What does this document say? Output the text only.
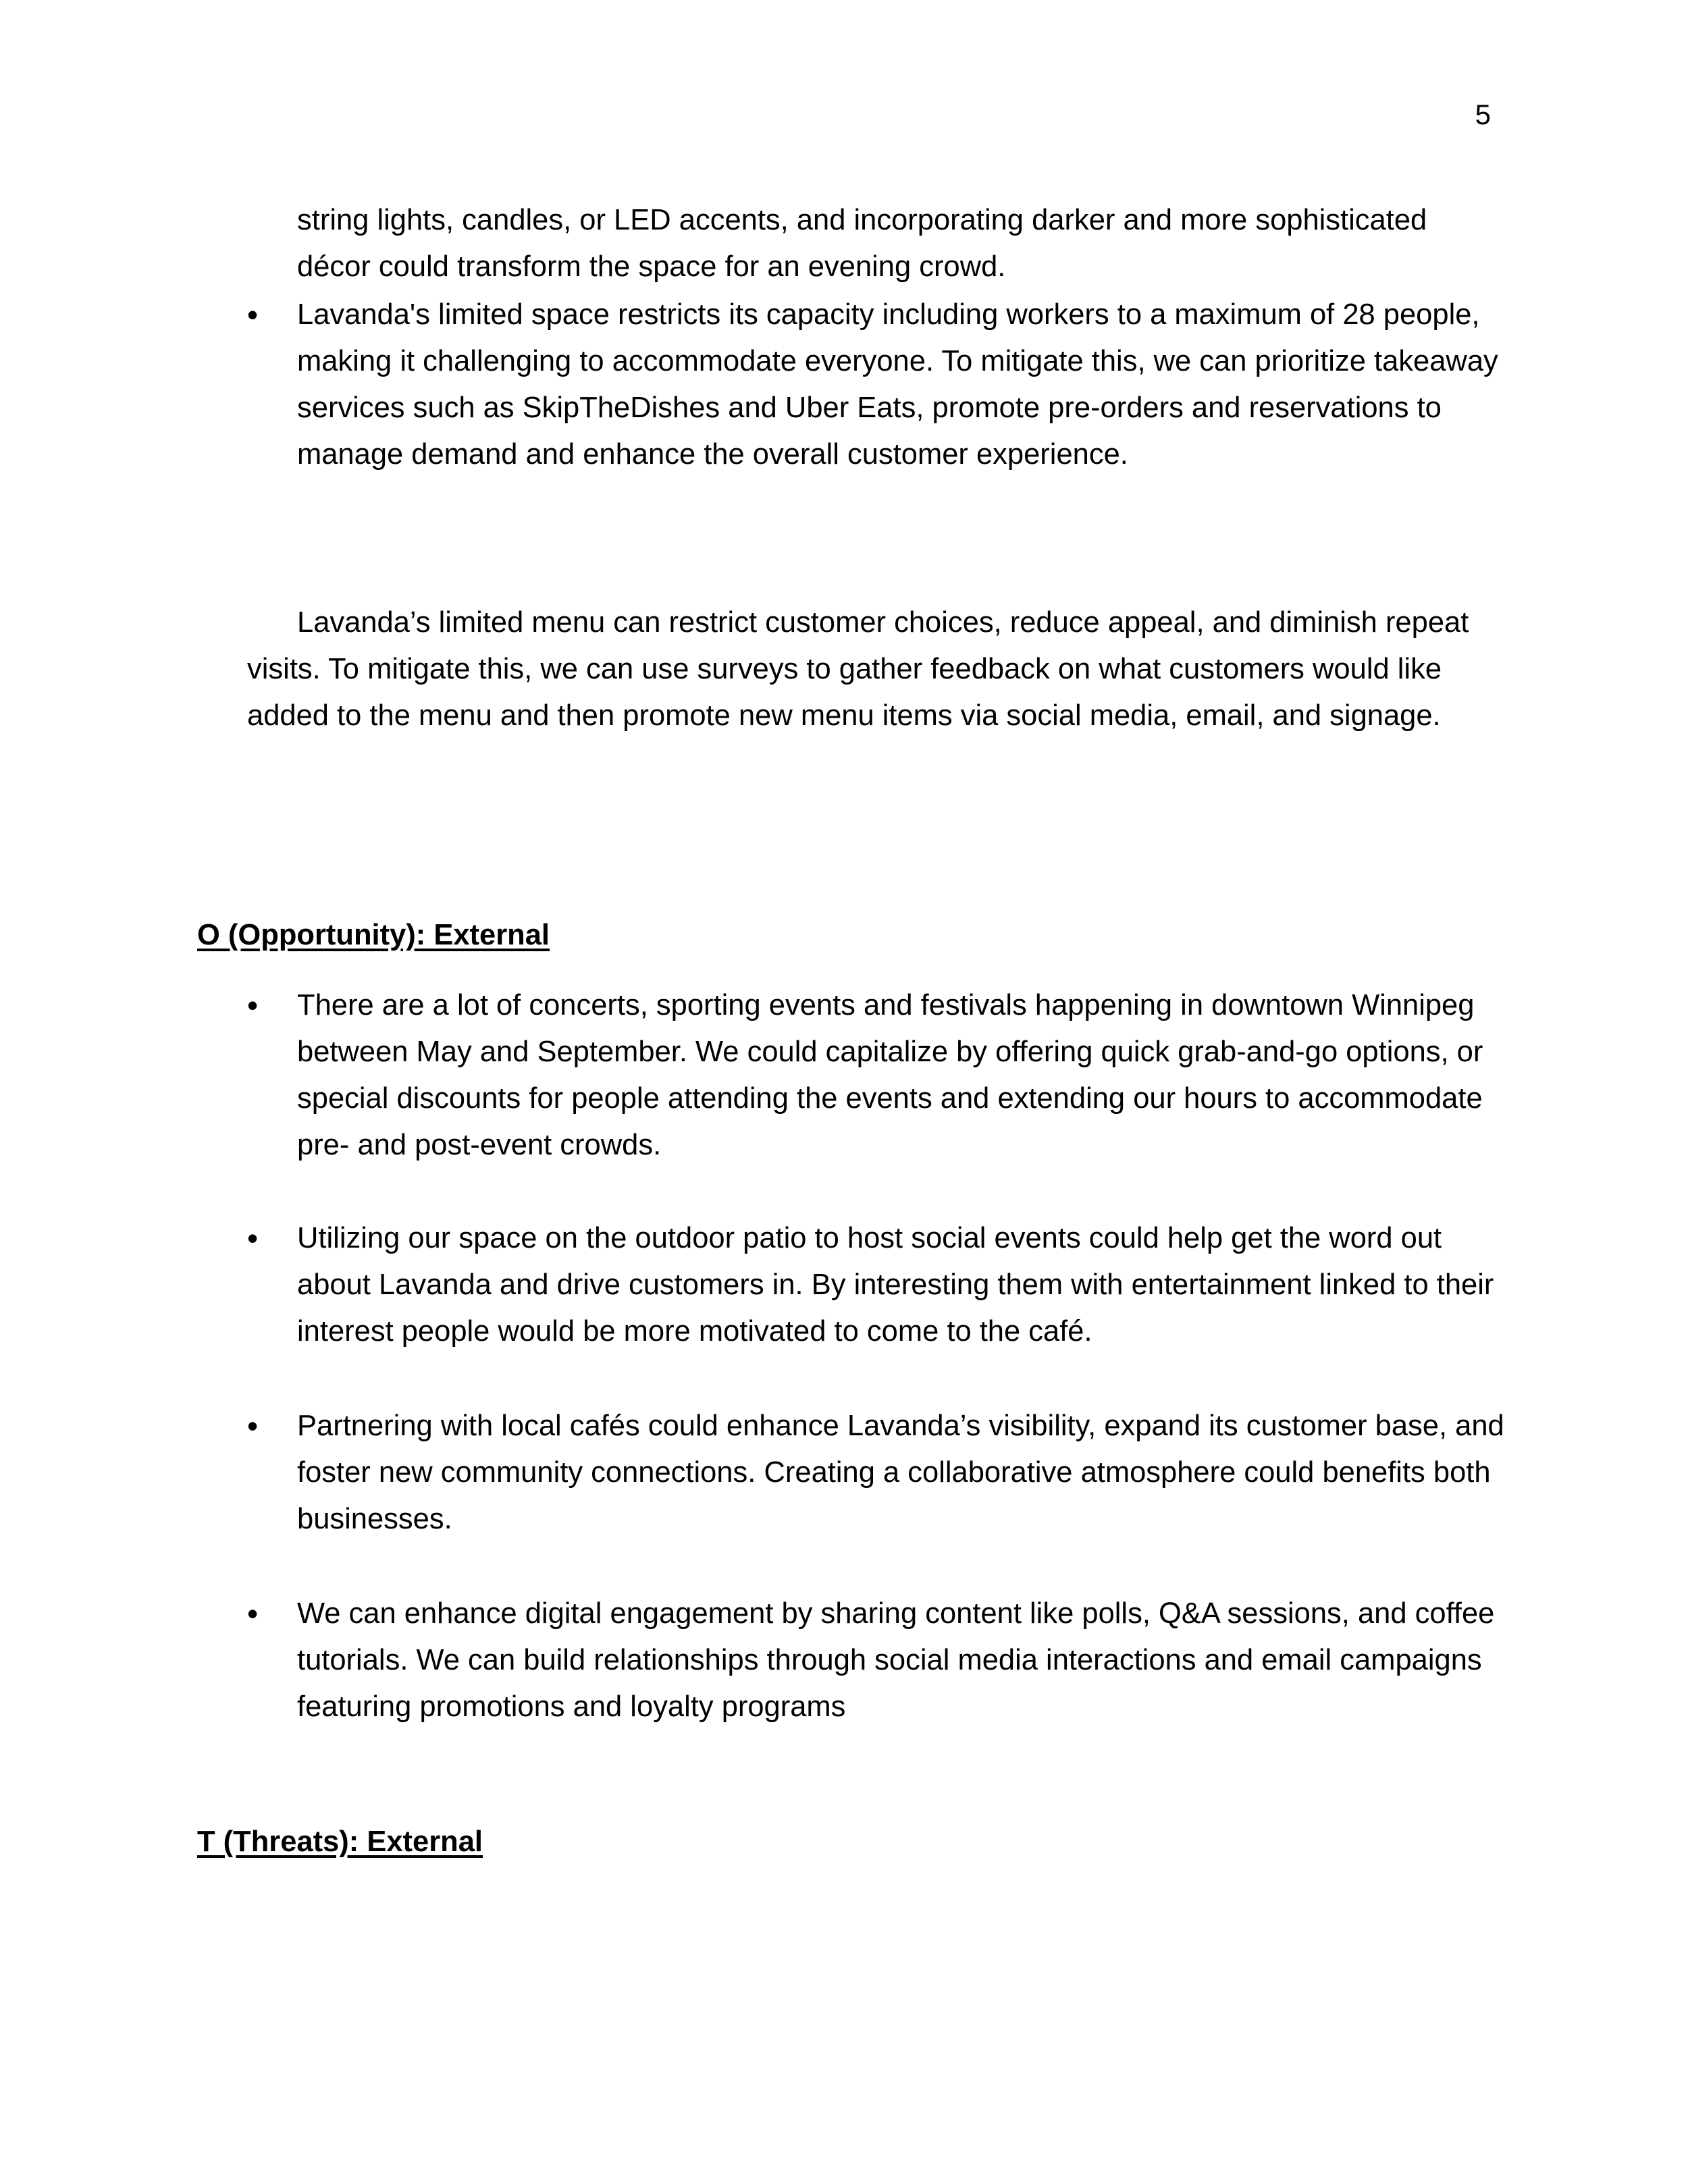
5
string lights, candles, or LED accents, and incorporating darker and more sophisticated décor could transform the space for an evening crowd.
•	Lavanda's limited space restricts its capacity including workers to a maximum of 28 people, making it challenging to accommodate everyone. To mitigate this, we can prioritize takeaway services such as SkipTheDishes and Uber Eats, promote pre-orders and reservations to manage demand and enhance the overall customer experience.
Lavanda’s limited menu can restrict customer choices, reduce appeal, and diminish repeat visits. To mitigate this, we can use surveys to gather feedback on what customers would like added to the menu and then promote new menu items via social media, email, and signage.
O (Opportunity): External
•	There are a lot of concerts, sporting events and festivals happening in downtown Winnipeg between May and September. We could capitalize by offering quick grab-and-go options, or special discounts for people attending the events and extending our hours to accommodate pre- and post-event crowds.
•	Utilizing our space on the outdoor patio to host social events could help get the word out about Lavanda and drive customers in. By interesting them with entertainment linked to their interest people would be more motivated to come to the café.
•	Partnering with local cafés could enhance Lavanda’s visibility, expand its customer base, and foster new community connections. Creating a collaborative atmosphere could benefits both businesses.
•	We can enhance digital engagement by sharing content like polls, Q&A sessions, and coffee tutorials. We can build relationships through social media interactions and email campaigns featuring promotions and loyalty programs
T (Threats): External
